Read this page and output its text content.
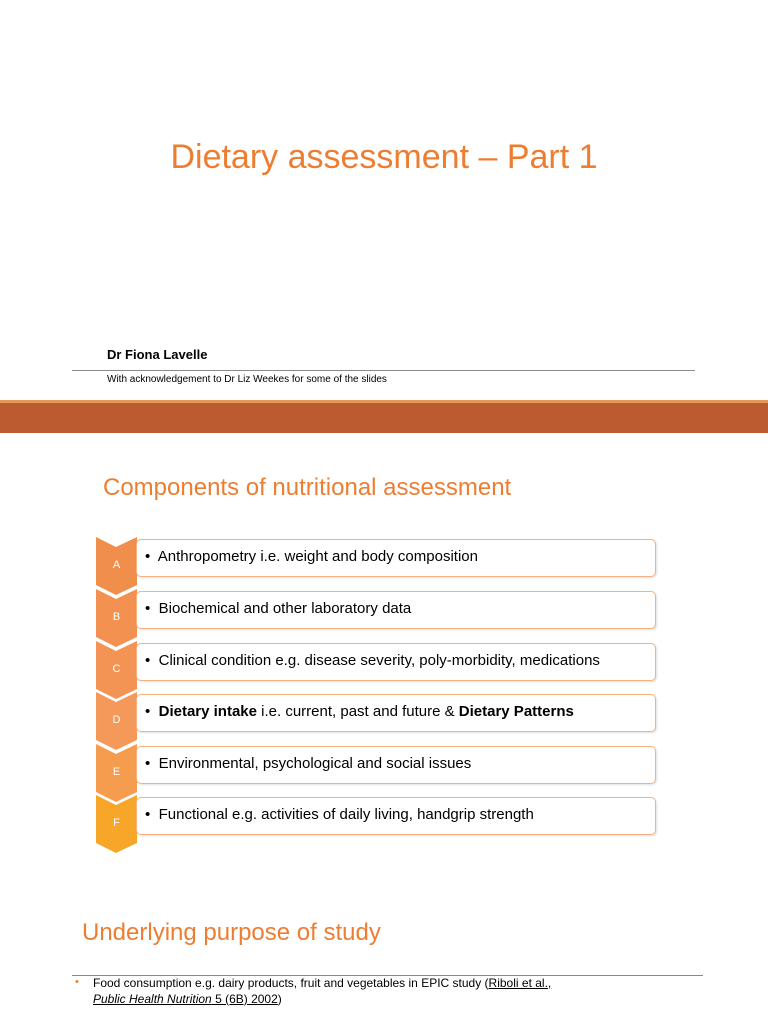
Dietary assessment – Part 1
Dr Fiona Lavelle
With acknowledgement to Dr Liz Weekes for some of the slides
Components of nutritional assessment
A	• Anthropometry i.e. weight and body composition
B	• Biochemical and other laboratory data
C	• Clinical condition e.g. disease severity, poly-morbidity, medications
D	• Dietary intake i.e. current, past and future & Dietary Patterns
E	• Environmental, psychological and social issues
F	• Functional e.g. activities of daily living, handgrip strength
Underlying purpose of study
• Food consumption e.g. dairy products, fruit and vegetables in EPIC study (Riboli et al.,
Public Health Nutrition 5 (6B) 2002)
